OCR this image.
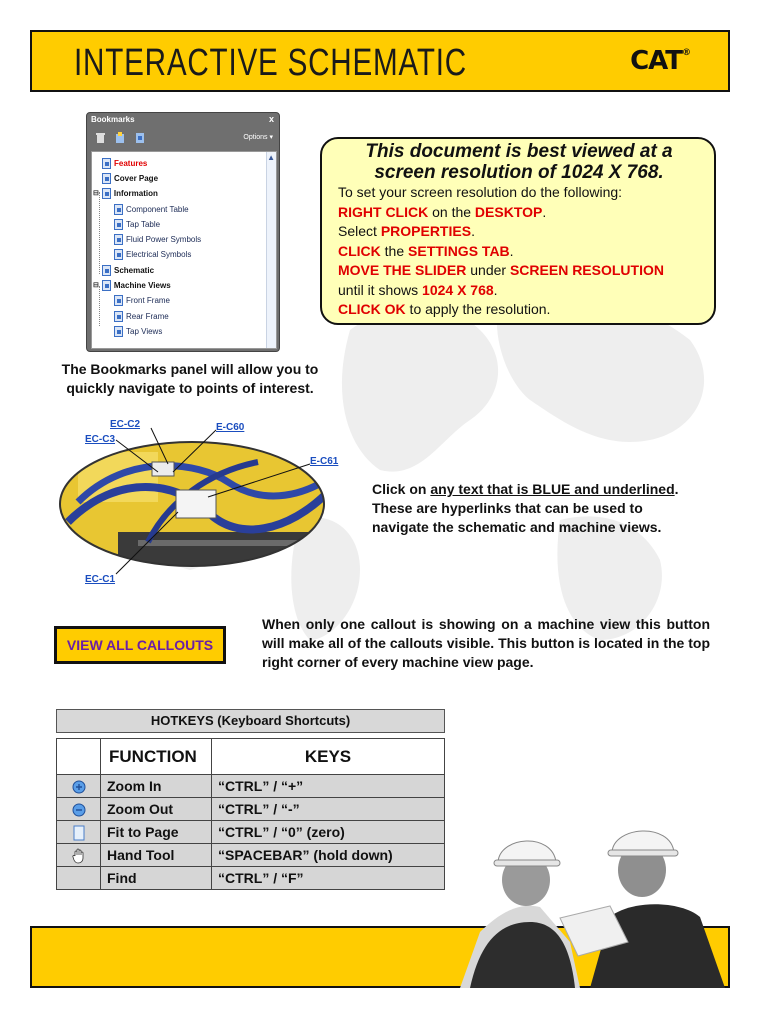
INTERACTIVE SCHEMATIC	CAT®
Bookmarks	x
Options ▾
▲
Features
Cover Page
⊟ Information
Component Table
Tap Table
Fluid Power Symbols
Electrical Symbols
Schematic
⊟ Machine Views
Front Frame
Rear Frame
Tap Views
The Bookmarks panel will allow you to quickly navigate to points of interest.
This document is best viewed at a screen resolution of 1024 X 768.
To set your screen resolution do the following:
RIGHT CLICK on the DESKTOP.
Select PROPERTIES.
CLICK the SETTINGS TAB.
MOVE THE SLIDER under SCREEN RESOLUTION
until it shows 1024 X 768.
CLICK OK to apply the resolution.
EC-C2
EC-C3
E-C60
E-C61
EC-C1
Click on any text that is BLUE and underlined. These are hyperlinks that can be used to navigate the schematic and machine views.
VIEW ALL CALLOUTS
When only one callout is showing on a machine view this button will make all of the callouts visible. This button is located in the top right corner of every machine view page.
HOTKEYS (Keyboard Shortcuts)
	FUNCTION	KEYS
	Zoom In	“CTRL” / “+”
	Zoom Out	“CTRL” / “-”
	Fit to Page	“CTRL” / “0” (zero)
	Hand Tool	“SPACEBAR” (hold down)
	Find	“CTRL” / “F”
